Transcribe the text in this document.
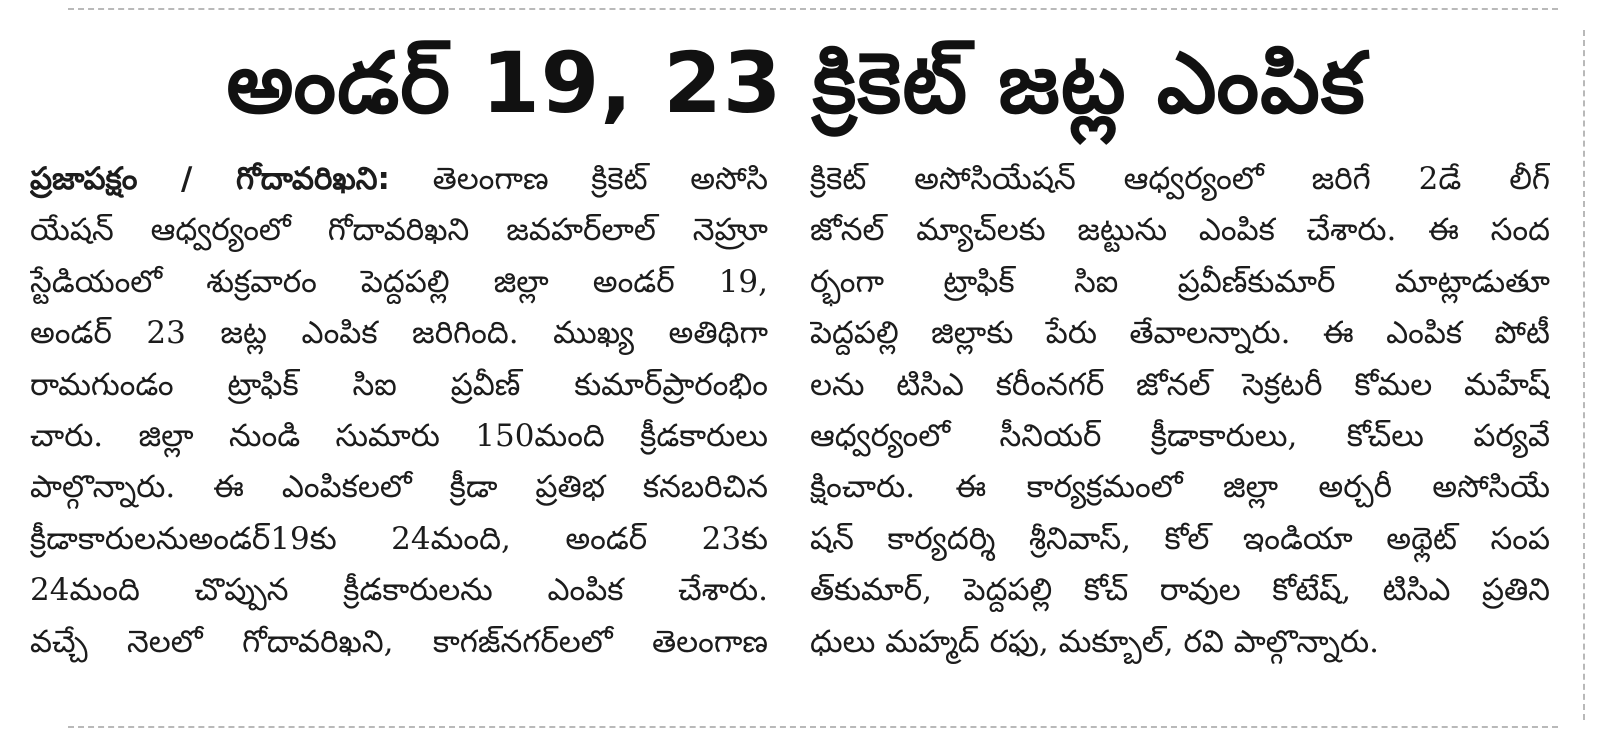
అండర్ 19, 23 క్రికెట్ జట్ల ఎంపిక
ప్రజాపక్షం / గోదావరిఖని: తెలంగాణ క్రికెట్ అసోసి
యేషన్ ఆధ్వర్యంలో గోదావరిఖని జవహర్‌లాల్ నెహ్రూ
స్టేడియంలో శుక్రవారం పెద్దపల్లి జిల్లా అండర్ 19,
అండర్ 23 జట్ల ఎంపిక జరిగింది. ముఖ్య అతిథిగా
రామగుండం ట్రాఫిక్ సిఐ ప్రవీణ్ కుమార్‌ప్రారంభిం
చారు. జిల్లా నుండి సుమారు 150మంది క్రీడకారులు
పాల్గొన్నారు. ఈ ఎంపికలలో క్రీడా ప్రతిభ కనబరిచిన
క్రీడాకారులనుఅండర్19కు 24మంది, అండర్ 23కు
24మంది చొప్పున క్రీడకారులను ఎంపిక చేశారు.
వచ్చే నెలలో గోదావరిఖని, కాగజ్‌నగర్‌లలో తెలంగాణ
క్రికెట్ అసోసియేషన్ ఆధ్వర్యంలో జరిగే 2డే లీగ్
జోనల్ మ్యాచ్‌లకు జట్టును ఎంపిక చేశారు. ఈ సంద
ర్భంగా ట్రాఫిక్ సిఐ ప్రవీణ్‌కుమార్ మాట్లాడుతూ
పెద్దపల్లి జిల్లాకు పేరు తేవాలన్నారు. ఈ ఎంపిక పోటీ
లను టిసిఎ కరీంనగర్ జోనల్ సెక్రటరీ కోమల మహేష్
ఆధ్వర్యంలో సీనియర్ క్రీడాకారులు, కోచ్‌లు పర్యవే
క్షించారు. ఈ కార్యక్రమంలో జిల్లా అర్చరీ అసోసియే
షన్ కార్యదర్శి శ్రీనివాస్, కోల్ ఇండియా అథ్లెట్ సంప
త్‌కుమార్, పెద్దపల్లి కోచ్ రావుల కోటేష్, టిసిఎ ప్రతిని
ధులు మహ్మద్ రఫు, మక్బూల్, రవి పాల్గొన్నారు.
